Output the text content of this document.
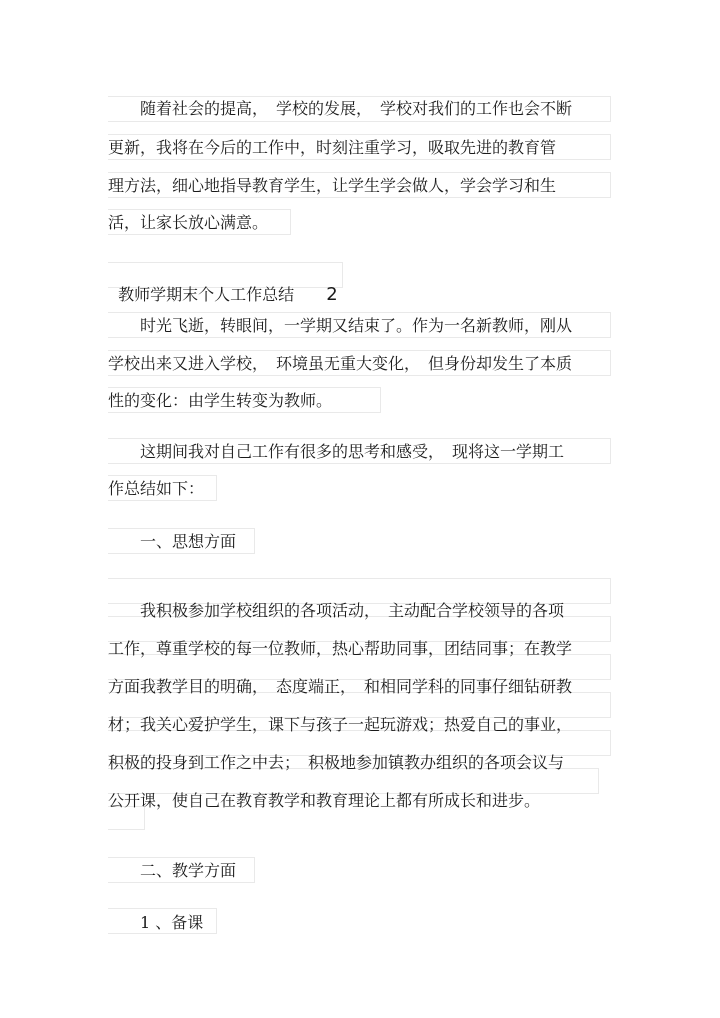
　　随着社会的提高，　学校的发展，　学校对我们的工作也会不断
更新，我将在今后的工作中，时刻注重学习，吸取先进的教育管
理方法，细心地指导教育学生，让学生学会做人，学会学习和生
活，让家长放心满意。

教师学期末个人工作总结　　2

　　时光飞逝，转眼间，一学期又结束了。作为一名新教师，刚从
学校出来又进入学校，　环境虽无重大变化，　但身份却发生了本质
性的变化：由学生转变为教师。
　　这期间我对自己工作有很多的思考和感受，　现将这一学期工
作总结如下：
　　一、思想方面
　　我积极参加学校组织的各项活动，　主动配合学校领导的各项
工作，尊重学校的每一位教师，热心帮助同事，团结同事；在教学
方面我教学目的明确，　态度端正，　和相同学科的同事仔细钻研教
材；我关心爱护学生，课下与孩子一起玩游戏；热爱自己的事业，
积极的投身到工作之中去；　积极地参加镇教办组织的各项会议与
公开课，使自己在教育教学和教育理论上都有所成长和进步。
　　二、教学方面
　　1 、备课
